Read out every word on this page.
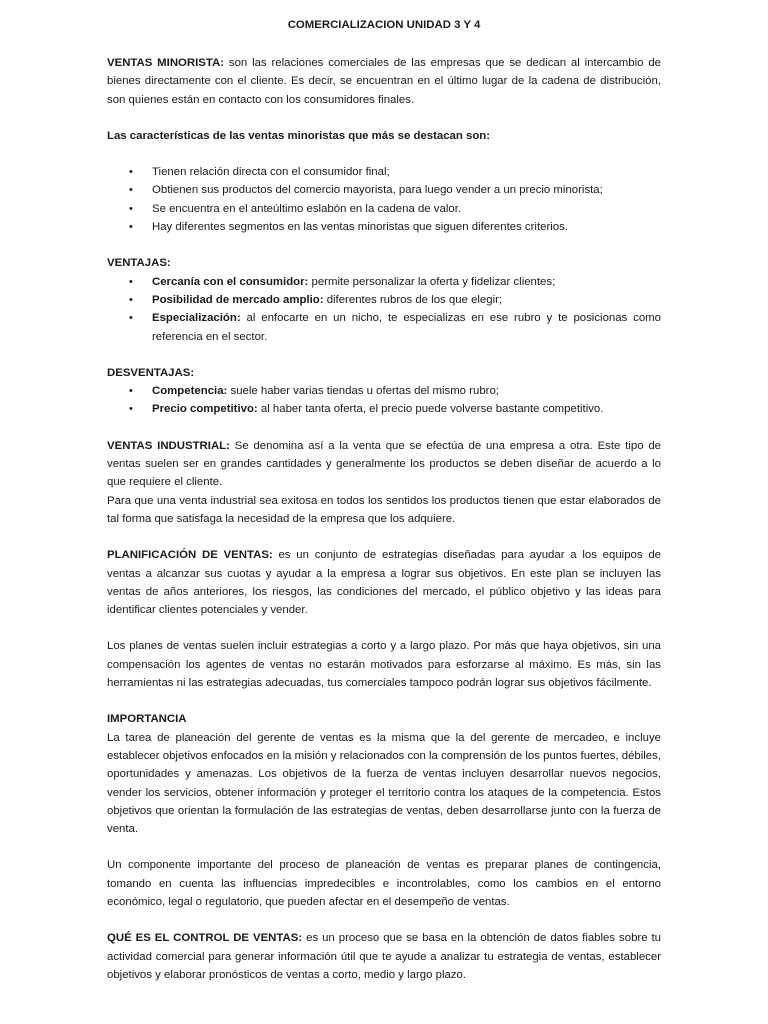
COMERCIALIZACION UNIDAD 3 Y 4

VENTAS MINORISTA: son las relaciones comerciales de las empresas que se dedican al intercambio de bienes directamente con el cliente. Es decir, se encuentran en el último lugar de la cadena de distribución, son quienes están en contacto con los consumidores finales.

Las características de las ventas minoristas que más se destacan son:

• Tienen relación directa con el consumidor final;
• Obtienen sus productos del comercio mayorista, para luego vender a un precio minorista;
• Se encuentra en el anteúltimo eslabón en la cadena de valor.
• Hay diferentes segmentos en las ventas minoristas que siguen diferentes criterios.

VENTAJAS:

• Cercanía con el consumidor: permite personalizar la oferta y fidelizar clientes;
• Posibilidad de mercado amplio: diferentes rubros de los que elegir;
• Especialización: al enfocarte en un nicho, te especializas en ese rubro y te posicionas como referencia en el sector.

DESVENTAJAS:

• Competencia: suele haber varias tiendas u ofertas del mismo rubro;
• Precio competitivo: al haber tanta oferta, el precio puede volverse bastante competitivo.

VENTAS INDUSTRIAL: Se denomina así a la venta que se efectúa de una empresa a otra. Este tipo de ventas suelen ser en grandes cantidades y generalmente los productos se deben diseñar de acuerdo a lo que requiere el cliente.

Para que una venta industrial sea exitosa en todos los sentidos los productos tienen que estar elaborados de tal forma que satisfaga la necesidad de la empresa que los adquiere.

PLANIFICACIÓN DE VENTAS: es un conjunto de estrategias diseñadas para ayudar a los equipos de ventas a alcanzar sus cuotas y ayudar a la empresa a lograr sus objetivos. En este plan se incluyen las ventas de años anteriores, los riesgos, las condiciones del mercado, el público objetivo y las ideas para identificar clientes potenciales y vender.

Los planes de ventas suelen incluir estrategias a corto y a largo plazo. Por más que haya objetivos, sin una compensación los agentes de ventas no estarán motivados para esforzarse al máximo. Es más, sin las herramientas ni las estrategias adecuadas, tus comerciales tampoco podrán lograr sus objetivos fácilmente.

IMPORTANCIA

La tarea de planeación del gerente de ventas es la misma que la del gerente de mercadeo, e incluye establecer objetivos enfocados en la misión y relacionados con la comprensión de los puntos fuertes, débiles, oportunidades y amenazas. Los objetivos de la fuerza de ventas incluyen desarrollar nuevos negocios, vender los servicios, obtener información y proteger el territorio contra los ataques de la competencia. Estos objetivos que orientan la formulación de las estrategias de ventas, deben desarrollarse junto con la fuerza de venta.

Un componente importante del proceso de planeación de ventas es preparar planes de contingencia, tomando en cuenta las influencias impredecibles e incontrolables, como los cambios en el entorno económico, legal o regulatorio, que pueden afectar en el desempeño de ventas.

QUÉ ES EL CONTROL DE VENTAS: es un proceso que se basa en la obtención de datos fiables sobre tu actividad comercial para generar información útil que te ayude a analizar tu estrategia de ventas, establecer objetivos y elaborar pronósticos de ventas a corto, medio y largo plazo.
